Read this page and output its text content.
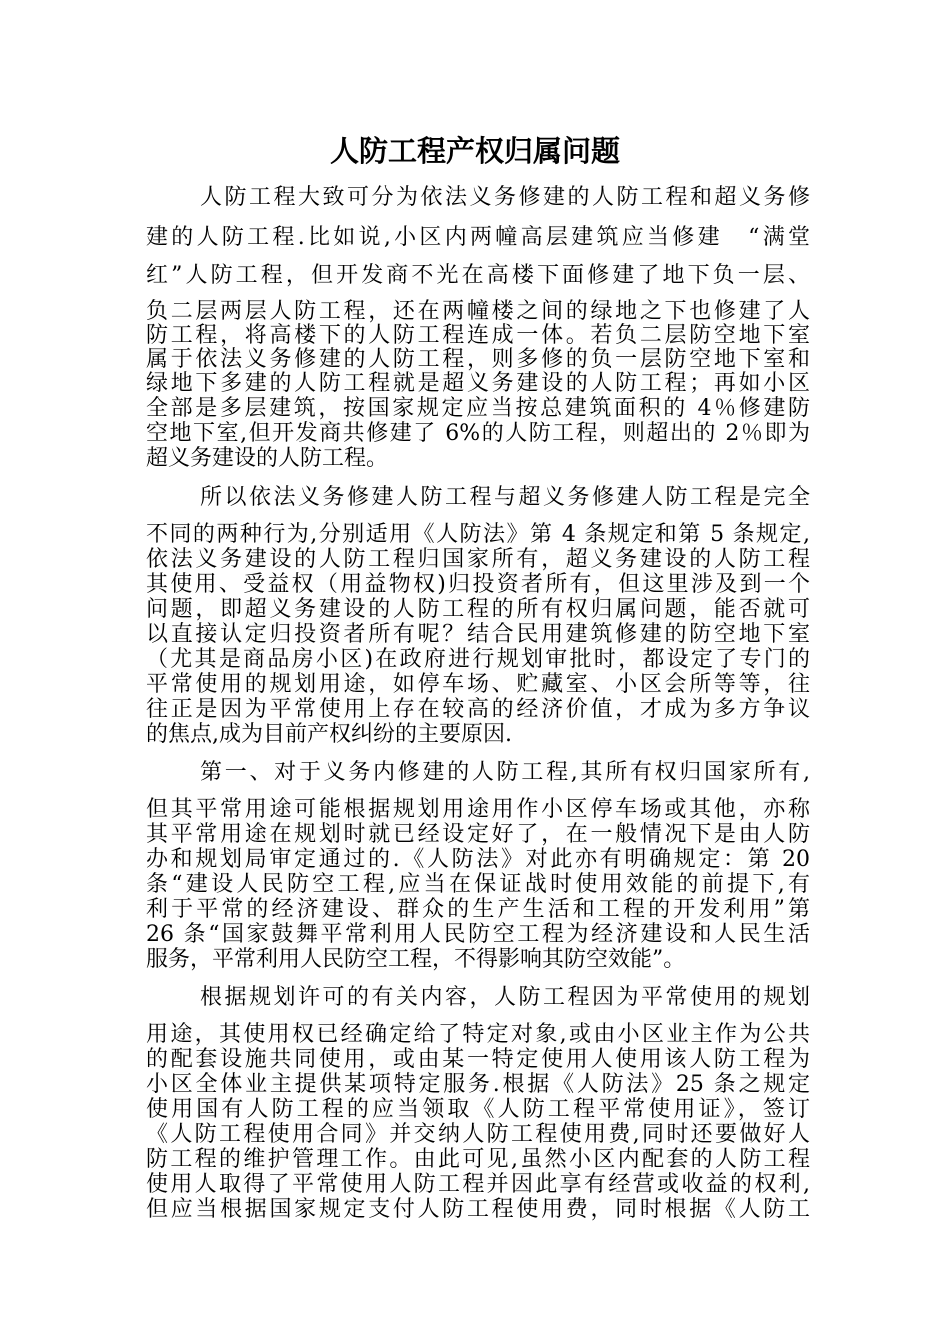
人防工程产权归属问题
人防工程大致可分为依法义务修建的人防工程和超义务修
建的人防工程.比如说,小区内两幢高层建筑应当修建　“满堂
红”人防工程，但开发商不光在高楼下面修建了地下负一层、
负二层两层人防工程，还在两幢楼之间的绿地之下也修建了人
防工程，将高楼下的人防工程连成一体。若负二层防空地下室
属于依法义务修建的人防工程，则多修的负一层防空地下室和
绿地下多建的人防工程就是超义务建设的人防工程；再如小区
全部是多层建筑，按国家规定应当按总建筑面积的 4％修建防
空地下室,但开发商共修建了 6%的人防工程，则超出的 2％即为
超义务建设的人防工程。
所以依法义务修建人防工程与超义务修建人防工程是完全
不同的两种行为,分别适用《人防法》第 4 条规定和第 5 条规定,
依法义务建设的人防工程归国家所有，超义务建设的人防工程
其使用、受益权（用益物权)归投资者所有，但这里涉及到一个
问题，即超义务建设的人防工程的所有权归属问题，能否就可
以直接认定归投资者所有呢？结合民用建筑修建的防空地下室
（尤其是商品房小区)在政府进行规划审批时，都设定了专门的
平常使用的规划用途，如停车场、贮藏室、小区会所等等，往
往正是因为平常使用上存在较高的经济价值，才成为多方争议
的焦点,成为目前产权纠纷的主要原因.
第一、对于义务内修建的人防工程,其所有权归国家所有,
但其平常用途可能根据规划用途用作小区停车场或其他，亦称
其平常用途在规划时就已经设定好了，在一般情况下是由人防
办和规划局审定通过的.《人防法》对此亦有明确规定：第 20
条“建设人民防空工程,应当在保证战时使用效能的前提下,有
利于平常的经济建设、群众的生产生活和工程的开发利用”第
26 条“国家鼓舞平常利用人民防空工程为经济建设和人民生活
服务，平常利用人民防空工程，不得影响其防空效能”。
根据规划许可的有关内容，人防工程因为平常使用的规划
用途，其使用权已经确定给了特定对象,或由小区业主作为公共
的配套设施共同使用，或由某一特定使用人使用该人防工程为
小区全体业主提供某项特定服务.根据《人防法》25 条之规定
使用国有人防工程的应当领取《人防工程平常使用证》，签订
《人防工程使用合同》并交纳人防工程使用费,同时还要做好人
防工程的维护管理工作。由此可见,虽然小区内配套的人防工程
使用人取得了平常使用人防工程并因此享有经营或收益的权利,
但应当根据国家规定支付人防工程使用费，同时根据《人防工
